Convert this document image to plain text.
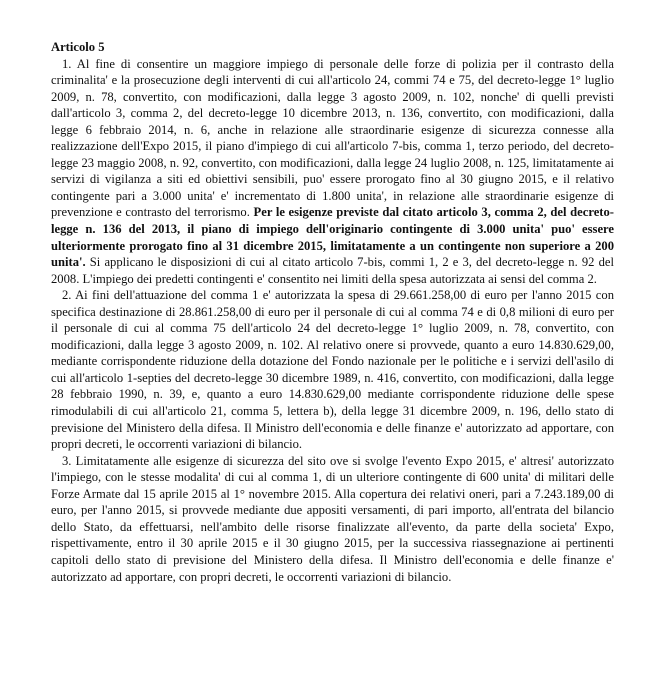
Articolo 5

1. Al fine di consentire un maggiore impiego di personale delle forze di polizia per il contrasto della criminalita' e la prosecuzione degli interventi di cui all'articolo 24, commi 74 e 75, del decreto-legge 1° luglio 2009, n. 78, convertito, con modificazioni, dalla legge 3 agosto 2009, n. 102, nonche' di quelli previsti dall'articolo 3, comma 2, del decreto-legge 10 dicembre 2013, n. 136, convertito, con modificazioni, dalla legge 6 febbraio 2014, n. 6, anche in relazione alle straordinarie esigenze di sicurezza connesse alla realizzazione dell'Expo 2015, il piano d'impiego di cui all'articolo 7-bis, comma 1, terzo periodo, del decreto-legge 23 maggio 2008, n. 92, convertito, con modificazioni, dalla legge 24 luglio 2008, n. 125, limitatamente ai servizi di vigilanza a siti ed obiettivi sensibili, puo' essere prorogato fino al 30 giugno 2015, e il relativo contingente pari a 3.000 unita' e' incrementato di 1.800 unita', in relazione alle straordinarie esigenze di prevenzione e contrasto del terrorismo. Per le esigenze previste dal citato articolo 3, comma 2, del decreto-legge n. 136 del 2013, il piano di impiego dell'originario contingente di 3.000 unita' puo' essere ulteriormente prorogato fino al 31 dicembre 2015, limitatamente a un contingente non superiore a 200 unita'. Si applicano le disposizioni di cui al citato articolo 7-bis, commi 1, 2 e 3, del decreto-legge n. 92 del 2008. L'impiego dei predetti contingenti e' consentito nei limiti della spesa autorizzata ai sensi del comma 2.

2. Ai fini dell'attuazione del comma 1 e' autorizzata la spesa di 29.661.258,00 di euro per l'anno 2015 con specifica destinazione di 28.861.258,00 di euro per il personale di cui al comma 74 e di 0,8 milioni di euro per il personale di cui al comma 75 dell'articolo 24 del decreto-legge 1° luglio 2009, n. 78, convertito, con modificazioni, dalla legge 3 agosto 2009, n. 102. Al relativo onere si provvede, quanto a euro 14.830.629,00, mediante corrispondente riduzione della dotazione del Fondo nazionale per le politiche e i servizi dell'asilo di cui all'articolo 1-septies del decreto-legge 30 dicembre 1989, n. 416, convertito, con modificazioni, dalla legge 28 febbraio 1990, n. 39, e, quanto a euro 14.830.629,00 mediante corrispondente riduzione delle spese rimodulabili di cui all'articolo 21, comma 5, lettera b), della legge 31 dicembre 2009, n. 196, dello stato di previsione del Ministero della difesa. Il Ministro dell'economia e delle finanze e' autorizzato ad apportare, con propri decreti, le occorrenti variazioni di bilancio.

3. Limitatamente alle esigenze di sicurezza del sito ove si svolge l'evento Expo 2015, e' altresi' autorizzato l'impiego, con le stesse modalita' di cui al comma 1, di un ulteriore contingente di 600 unita' di militari delle Forze Armate dal 15 aprile 2015 al 1° novembre 2015. Alla copertura dei relativi oneri, pari a 7.243.189,00 di euro, per l'anno 2015, si provvede mediante due appositi versamenti, di pari importo, all'entrata del bilancio dello Stato, da effettuarsi, nell'ambito delle risorse finalizzate all'evento, da parte della societa' Expo, rispettivamente, entro il 30 aprile 2015 e il 30 giugno 2015, per la successiva riassegnazione ai pertinenti capitoli dello stato di previsione del Ministero della difesa. Il Ministro dell'economia e delle finanze e' autorizzato ad apportare, con propri decreti, le occorrenti variazioni di bilancio.
